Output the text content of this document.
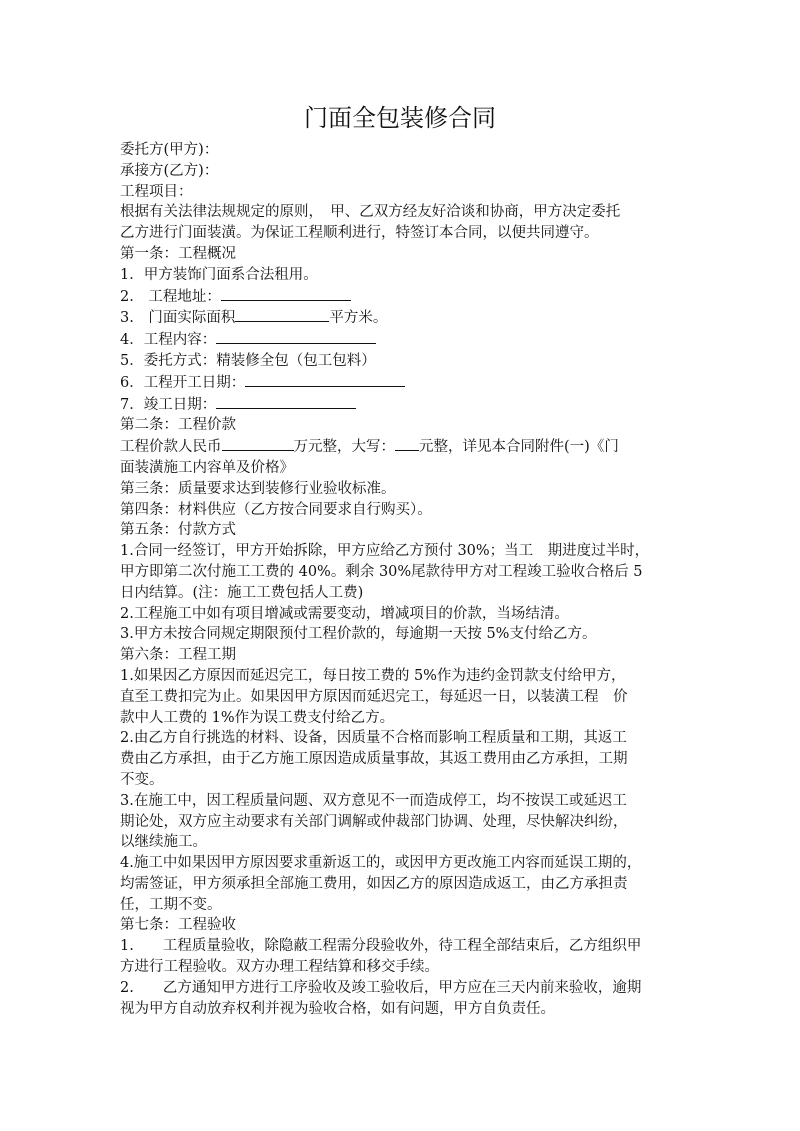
门面全包装修合同
委托方(甲方)：
承接方(乙方)：
工程项目：
根据有关法律法规规定的原则，　甲、乙双方经友好洽谈和协商，甲方决定委托
乙方进行门面装潢。为保证工程顺利进行，特签订本合同，以便共同遵守。
第一条：工程概况
1．甲方装饰门面系合法租用。
2.　工程地址：
3.　门面实际面积	平方米。
4．工程内容：
5．委托方式：精装修全包（包工包料）
6．工程开工日期：
7．竣工日期：
第二条：工程价款
工程价款人民币	万元整，大写： 元整，详见本合同附件(一)《门
面装潢施工内容单及价格》
第三条：质量要求达到装修行业验收标准。
第四条：材料供应（乙方按合同要求自行购买）。
第五条：付款方式
1.合同一经签订，甲方开始拆除，甲方应给乙方预付 30%；当工　期进度过半时，
甲方即第二次付施工工费的 40%。剩余 30%尾款待甲方对工程竣工验收合格后 5
日内结算。(注：施工工费包括人工费)
2.工程施工中如有项目增减或需要变动，增减项目的价款，当场结清。
3.甲方未按合同规定期限预付工程价款的，每逾期一天按 5%支付给乙方。
第六条：工程工期
1.如果因乙方原因而延迟完工，每日按工费的 5%作为违约金罚款支付给甲方，
直至工费扣完为止。如果因甲方原因而延迟完工，每延迟一日，以装潢工程　价
款中人工费的 1%作为误工费支付给乙方。
2.由乙方自行挑选的材料、设备，因质量不合格而影响工程质量和工期，其返工
费由乙方承担，由于乙方施工原因造成质量事故，其返工费用由乙方承担，工期
不变。
3.在施工中，因工程质量问题、双方意见不一而造成停工，均不按误工或延迟工
期论处，双方应主动要求有关部门调解或仲裁部门协调、处理，尽快解决纠纷，
以继续施工。
4.施工中如果因甲方原因要求重新返工的，或因甲方更改施工内容而延误工期的，
均需签证，甲方须承担全部施工费用，如因乙方的原因造成返工，由乙方承担责
任，工期不变。
第七条：工程验收
1.　　工程质量验收，除隐蔽工程需分段验收外，待工程全部结束后，乙方组织甲
方进行工程验收。双方办理工程结算和移交手续。
2.　　乙方通知甲方进行工序验收及竣工验收后，甲方应在三天内前来验收，逾期
视为甲方自动放弃权利并视为验收合格，如有问题，甲方自负责任。
